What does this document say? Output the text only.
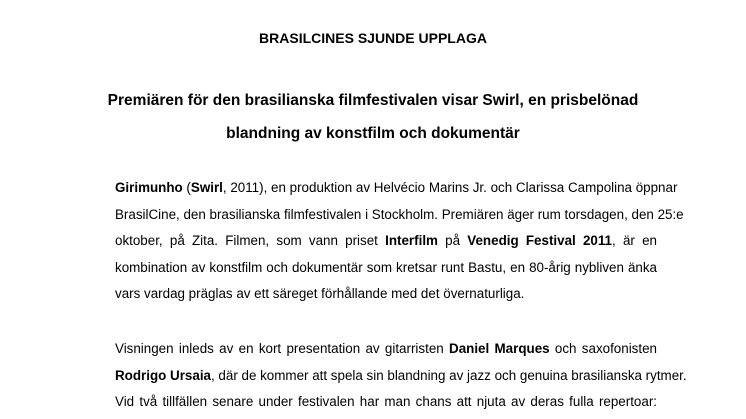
BRASILCINES SJUNDE UPPLAGA
Premiären för den brasilianska filmfestivalen visar Swirl, en prisbelönad
blandning av konstfilm och dokumentär
Girimunho (Swirl, 2011), en produktion av Helvécio Marins Jr. och Clarissa Campolina öppnar
BrasilCine, den brasilianska filmfestivalen i Stockholm. Premiären äger rum torsdagen, den 25:e
oktober, på Zita. Filmen, som vann priset Interfilm på Venedig Festival 2011, är en
kombination av konstfilm och dokumentär som kretsar runt Bastu, en 80-årig nybliven änka
vars vardag präglas av ett säreget förhållande med det övernaturliga.
Visningen inleds av en kort presentation av gitarristen Daniel Marques och saxofonisten
Rodrigo Ursaia, där de kommer att spela sin blandning av jazz och genuina brasilianska rytmer.
Vid två tillfällen senare under festivalen har man chans att njuta av deras fulla repertoar:
